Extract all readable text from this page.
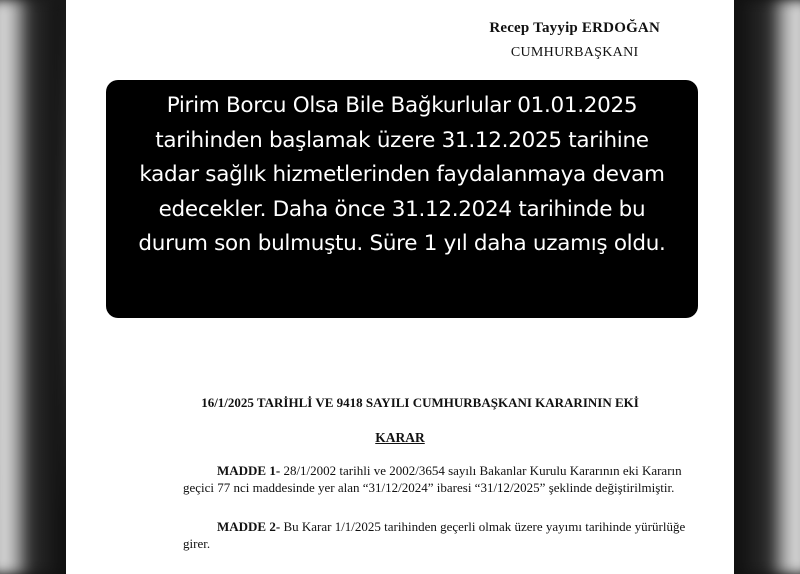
Recep Tayyip ERDOĞAN
CUMHURBAŞKANI
16/1/2025 TARİHLİ VE 9418 SAYILI CUMHURBAŞKANI KARARININ EKİ
KARAR
MADDE 1- 28/1/2002 tarihli ve 2002/3654 sayılı Bakanlar Kurulu Kararının eki Kararın
geçici 77 nci maddesinde yer alan “31/12/2024” ibaresi “31/12/2025” şeklinde değiştirilmiştir.
MADDE 2- Bu Karar 1/1/2025 tarihinden geçerli olmak üzere yayımı tarihinde yürürlüğe
girer.
Pirim Borcu Olsa Bile Bağkurlular 01.01.2025
tarihinden başlamak üzere 31.12.2025 tarihine
kadar sağlık hizmetlerinden faydalanmaya devam
edecekler. Daha önce 31.12.2024 tarihinde bu
durum son bulmuştu. Süre 1 yıl daha uzamış oldu.
